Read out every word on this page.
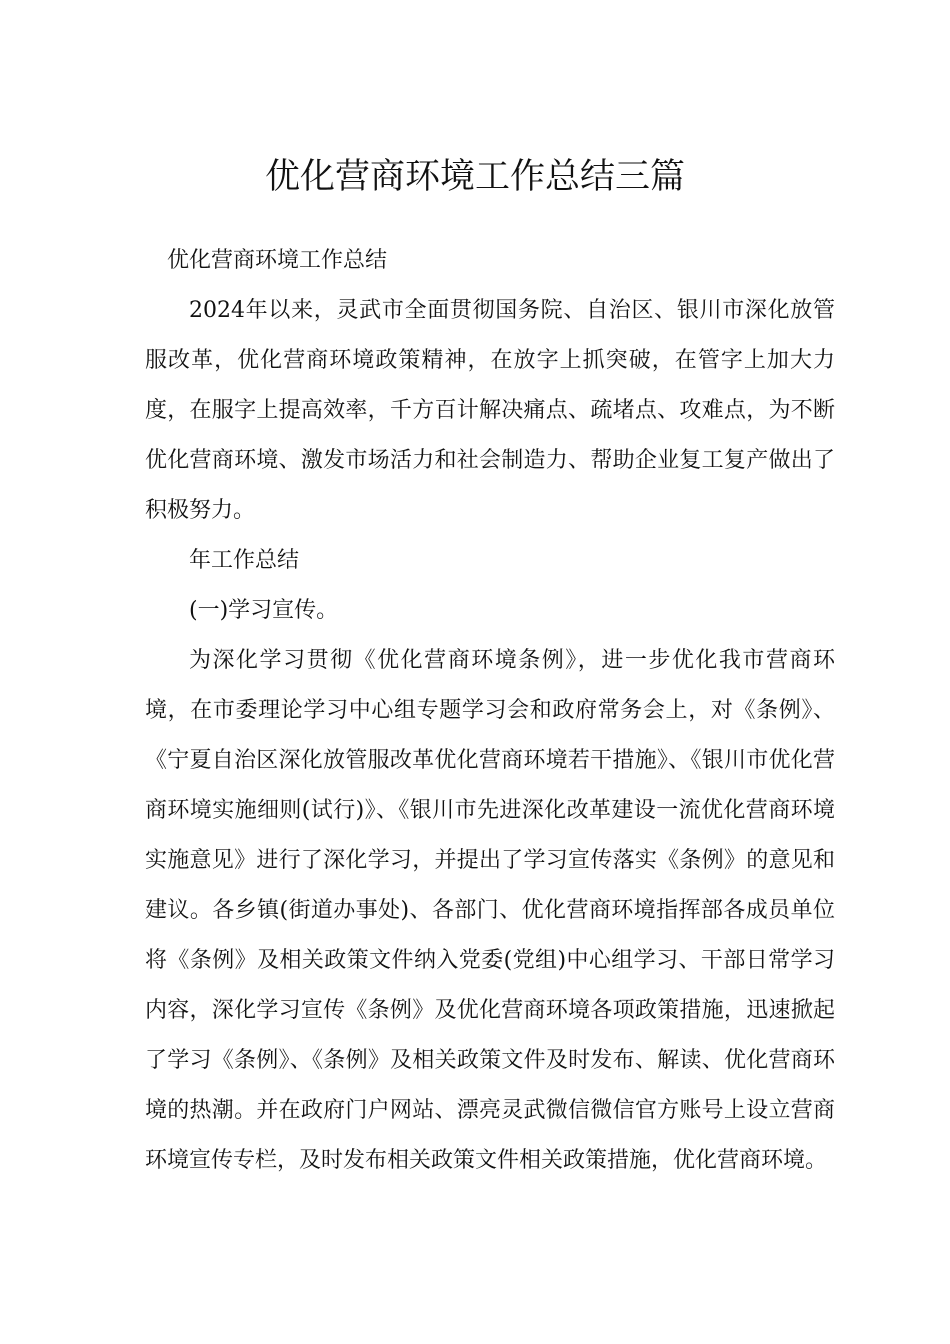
优化营商环境工作总结三篇

优化营商环境工作总结

2024年以来，灵武市全面贯彻国务院、自治区、银川市深化放管服改革，优化营商环境政策精神，在放字上抓突破，在管字上加大力度，在服字上提高效率，千方百计解决痛点、疏堵点、攻难点，为不断优化营商环境、激发市场活力和社会制造力、帮助企业复工复产做出了积极努力。

年工作总结

(一)学习宣传。

为深化学习贯彻《优化营商环境条例》，进一步优化我市营商环境，在市委理论学习中心组专题学习会和政府常务会上，对《条例》、《宁夏自治区深化放管服改革优化营商环境若干措施》、《银川市优化营商环境实施细则(试行)》、《银川市先进深化改革建设一流优化营商环境实施意见》进行了深化学习，并提出了学习宣传落实《条例》的意见和建议。各乡镇(街道办事处)、各部门、优化营商环境指挥部各成员单位将《条例》及相关政策文件纳入党委(党组)中心组学习、干部日常学习内容，深化学习宣传《条例》及优化营商环境各项政策措施，迅速掀起了学习《条例》、《条例》及相关政策文件及时发布、解读、优化营商环境的热潮。并在政府门户网站、漂亮灵武微信微信官方账号上设立营商环境宣传专栏，及时发布相关政策文件相关政策措施，优化营商环境。
